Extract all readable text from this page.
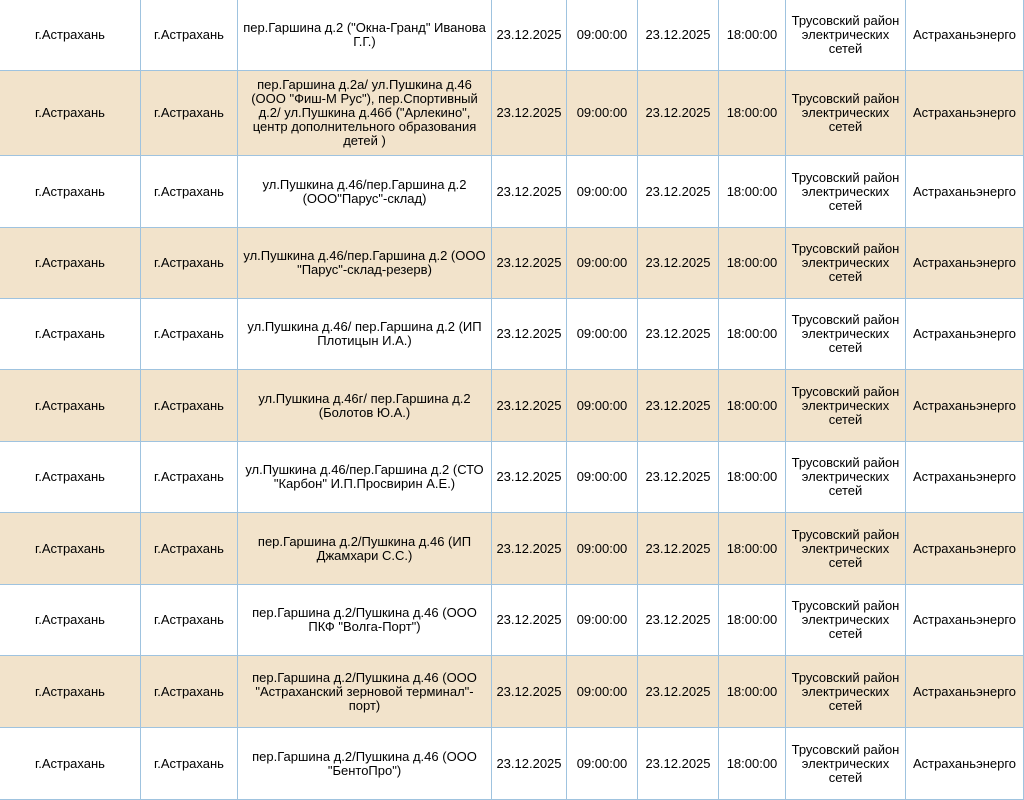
г.Астрахань	г.Астрахань	пер.Гаршина д.2 ("Окна-Гранд" Иванова Г.Г.)	23.12.2025	09:00:00	23.12.2025	18:00:00	Трусовский район электрических сетей	Астраханьэнерго
г.Астрахань	г.Астрахань	пер.Гаршина д.2а/ ул.Пушкина д.46 (ООО "Фиш-М Рус"), пер.Спортивный д.2/ ул.Пушкина д.46б ("Арлекино", центр дополнительного образования детей )	23.12.2025	09:00:00	23.12.2025	18:00:00	Трусовский район электрических сетей	Астраханьэнерго
г.Астрахань	г.Астрахань	ул.Пушкина д.46/пер.Гаршина д.2 (ООО"Парус"-склад)	23.12.2025	09:00:00	23.12.2025	18:00:00	Трусовский район электрических сетей	Астраханьэнерго
г.Астрахань	г.Астрахань	ул.Пушкина д.46/пер.Гаршина д.2 (ООО "Парус"-склад-резерв)	23.12.2025	09:00:00	23.12.2025	18:00:00	Трусовский район электрических сетей	Астраханьэнерго
г.Астрахань	г.Астрахань	ул.Пушкина д.46/ пер.Гаршина д.2 (ИП Плотицын И.А.)	23.12.2025	09:00:00	23.12.2025	18:00:00	Трусовский район электрических сетей	Астраханьэнерго
г.Астрахань	г.Астрахань	ул.Пушкина д.46г/ пер.Гаршина д.2 (Болотов Ю.А.)	23.12.2025	09:00:00	23.12.2025	18:00:00	Трусовский район электрических сетей	Астраханьэнерго
г.Астрахань	г.Астрахань	ул.Пушкина д.46/пер.Гаршина д.2 (СТО "Карбон" И.П.Просвирин А.Е.)	23.12.2025	09:00:00	23.12.2025	18:00:00	Трусовский район электрических сетей	Астраханьэнерго
г.Астрахань	г.Астрахань	пер.Гаршина д.2/Пушкина д.46 (ИП Джамхари С.С.)	23.12.2025	09:00:00	23.12.2025	18:00:00	Трусовский район электрических сетей	Астраханьэнерго
г.Астрахань	г.Астрахань	пер.Гаршина д.2/Пушкина д.46 (ООО ПКФ "Волга-Порт")	23.12.2025	09:00:00	23.12.2025	18:00:00	Трусовский район электрических сетей	Астраханьэнерго
г.Астрахань	г.Астрахань	пер.Гаршина д.2/Пушкина д.46 (ООО "Астраханский зерновой терминал"-порт)	23.12.2025	09:00:00	23.12.2025	18:00:00	Трусовский район электрических сетей	Астраханьэнерго
г.Астрахань	г.Астрахань	пер.Гаршина д.2/Пушкина д.46 (ООО "БентоПро")	23.12.2025	09:00:00	23.12.2025	18:00:00	Трусовский район электрических сетей	Астраханьэнерго
